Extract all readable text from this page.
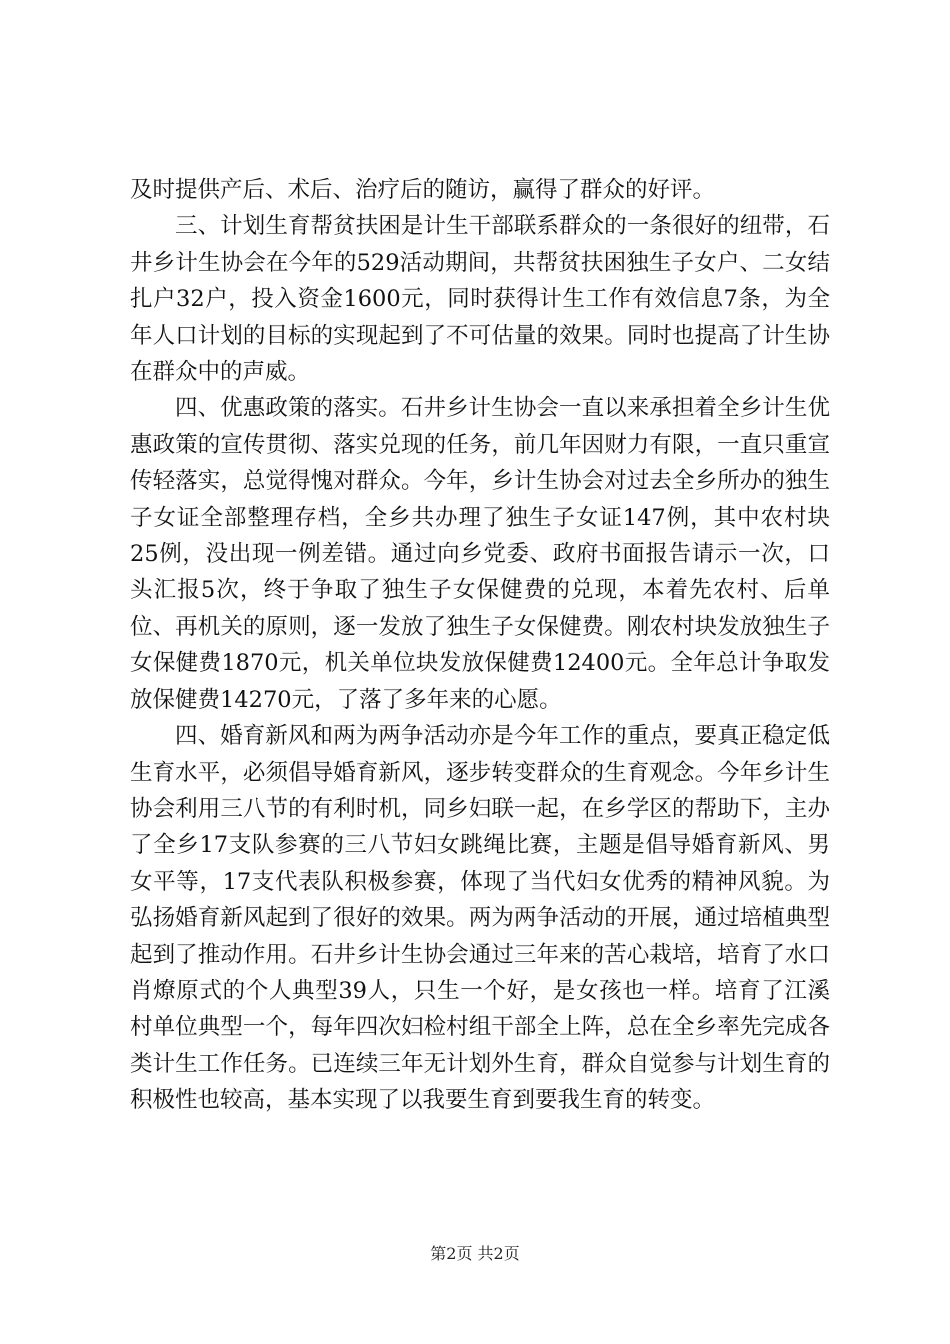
及时提供产后、术后、治疗后的随访，赢得了群众的好评。

三、计划生育帮贫扶困是计生干部联系群众的一条很好的纽带，石井乡计生协会在今年的529活动期间，共帮贫扶困独生子女户、二女结扎户32户，投入资金1600元，同时获得计生工作有效信息7条，为全年人口计划的目标的实现起到了不可估量的效果。同时也提高了计生协在群众中的声威。

四、优惠政策的落实。石井乡计生协会一直以来承担着全乡计生优惠政策的宣传贯彻、落实兑现的任务，前几年因财力有限，一直只重宣传轻落实，总觉得愧对群众。今年，乡计生协会对过去全乡所办的独生子女证全部整理存档，全乡共办理了独生子女证147例，其中农村块25例，没出现一例差错。通过向乡党委、政府书面报告请示一次，口头汇报5次，终于争取了独生子女保健费的兑现，本着先农村、后单位、再机关的原则，逐一发放了独生子女保健费。刚农村块发放独生子女保健费1870元，机关单位块发放保健费12400元。全年总计争取发放保健费14270元，了落了多年来的心愿。

四、婚育新风和两为两争活动亦是今年工作的重点，要真正稳定低生育水平，必须倡导婚育新风，逐步转变群众的生育观念。今年乡计生协会利用三八节的有利时机，同乡妇联一起，在乡学区的帮助下，主办了全乡17支队参赛的三八节妇女跳绳比赛，主题是倡导婚育新风、男女平等，17支代表队积极参赛，体现了当代妇女优秀的精神风貌。为弘扬婚育新风起到了很好的效果。两为两争活动的开展，通过培植典型起到了推动作用。石井乡计生协会通过三年来的苦心栽培，培育了水口肖燎原式的个人典型39人，只生一个好，是女孩也一样。培育了江溪村单位典型一个，每年四次妇检村组干部全上阵，总在全乡率先完成各类计生工作任务。已连续三年无计划外生育，群众自觉参与计划生育的积极性也较高，基本实现了以我要生育到要我生育的转变。

第2页 共2页
